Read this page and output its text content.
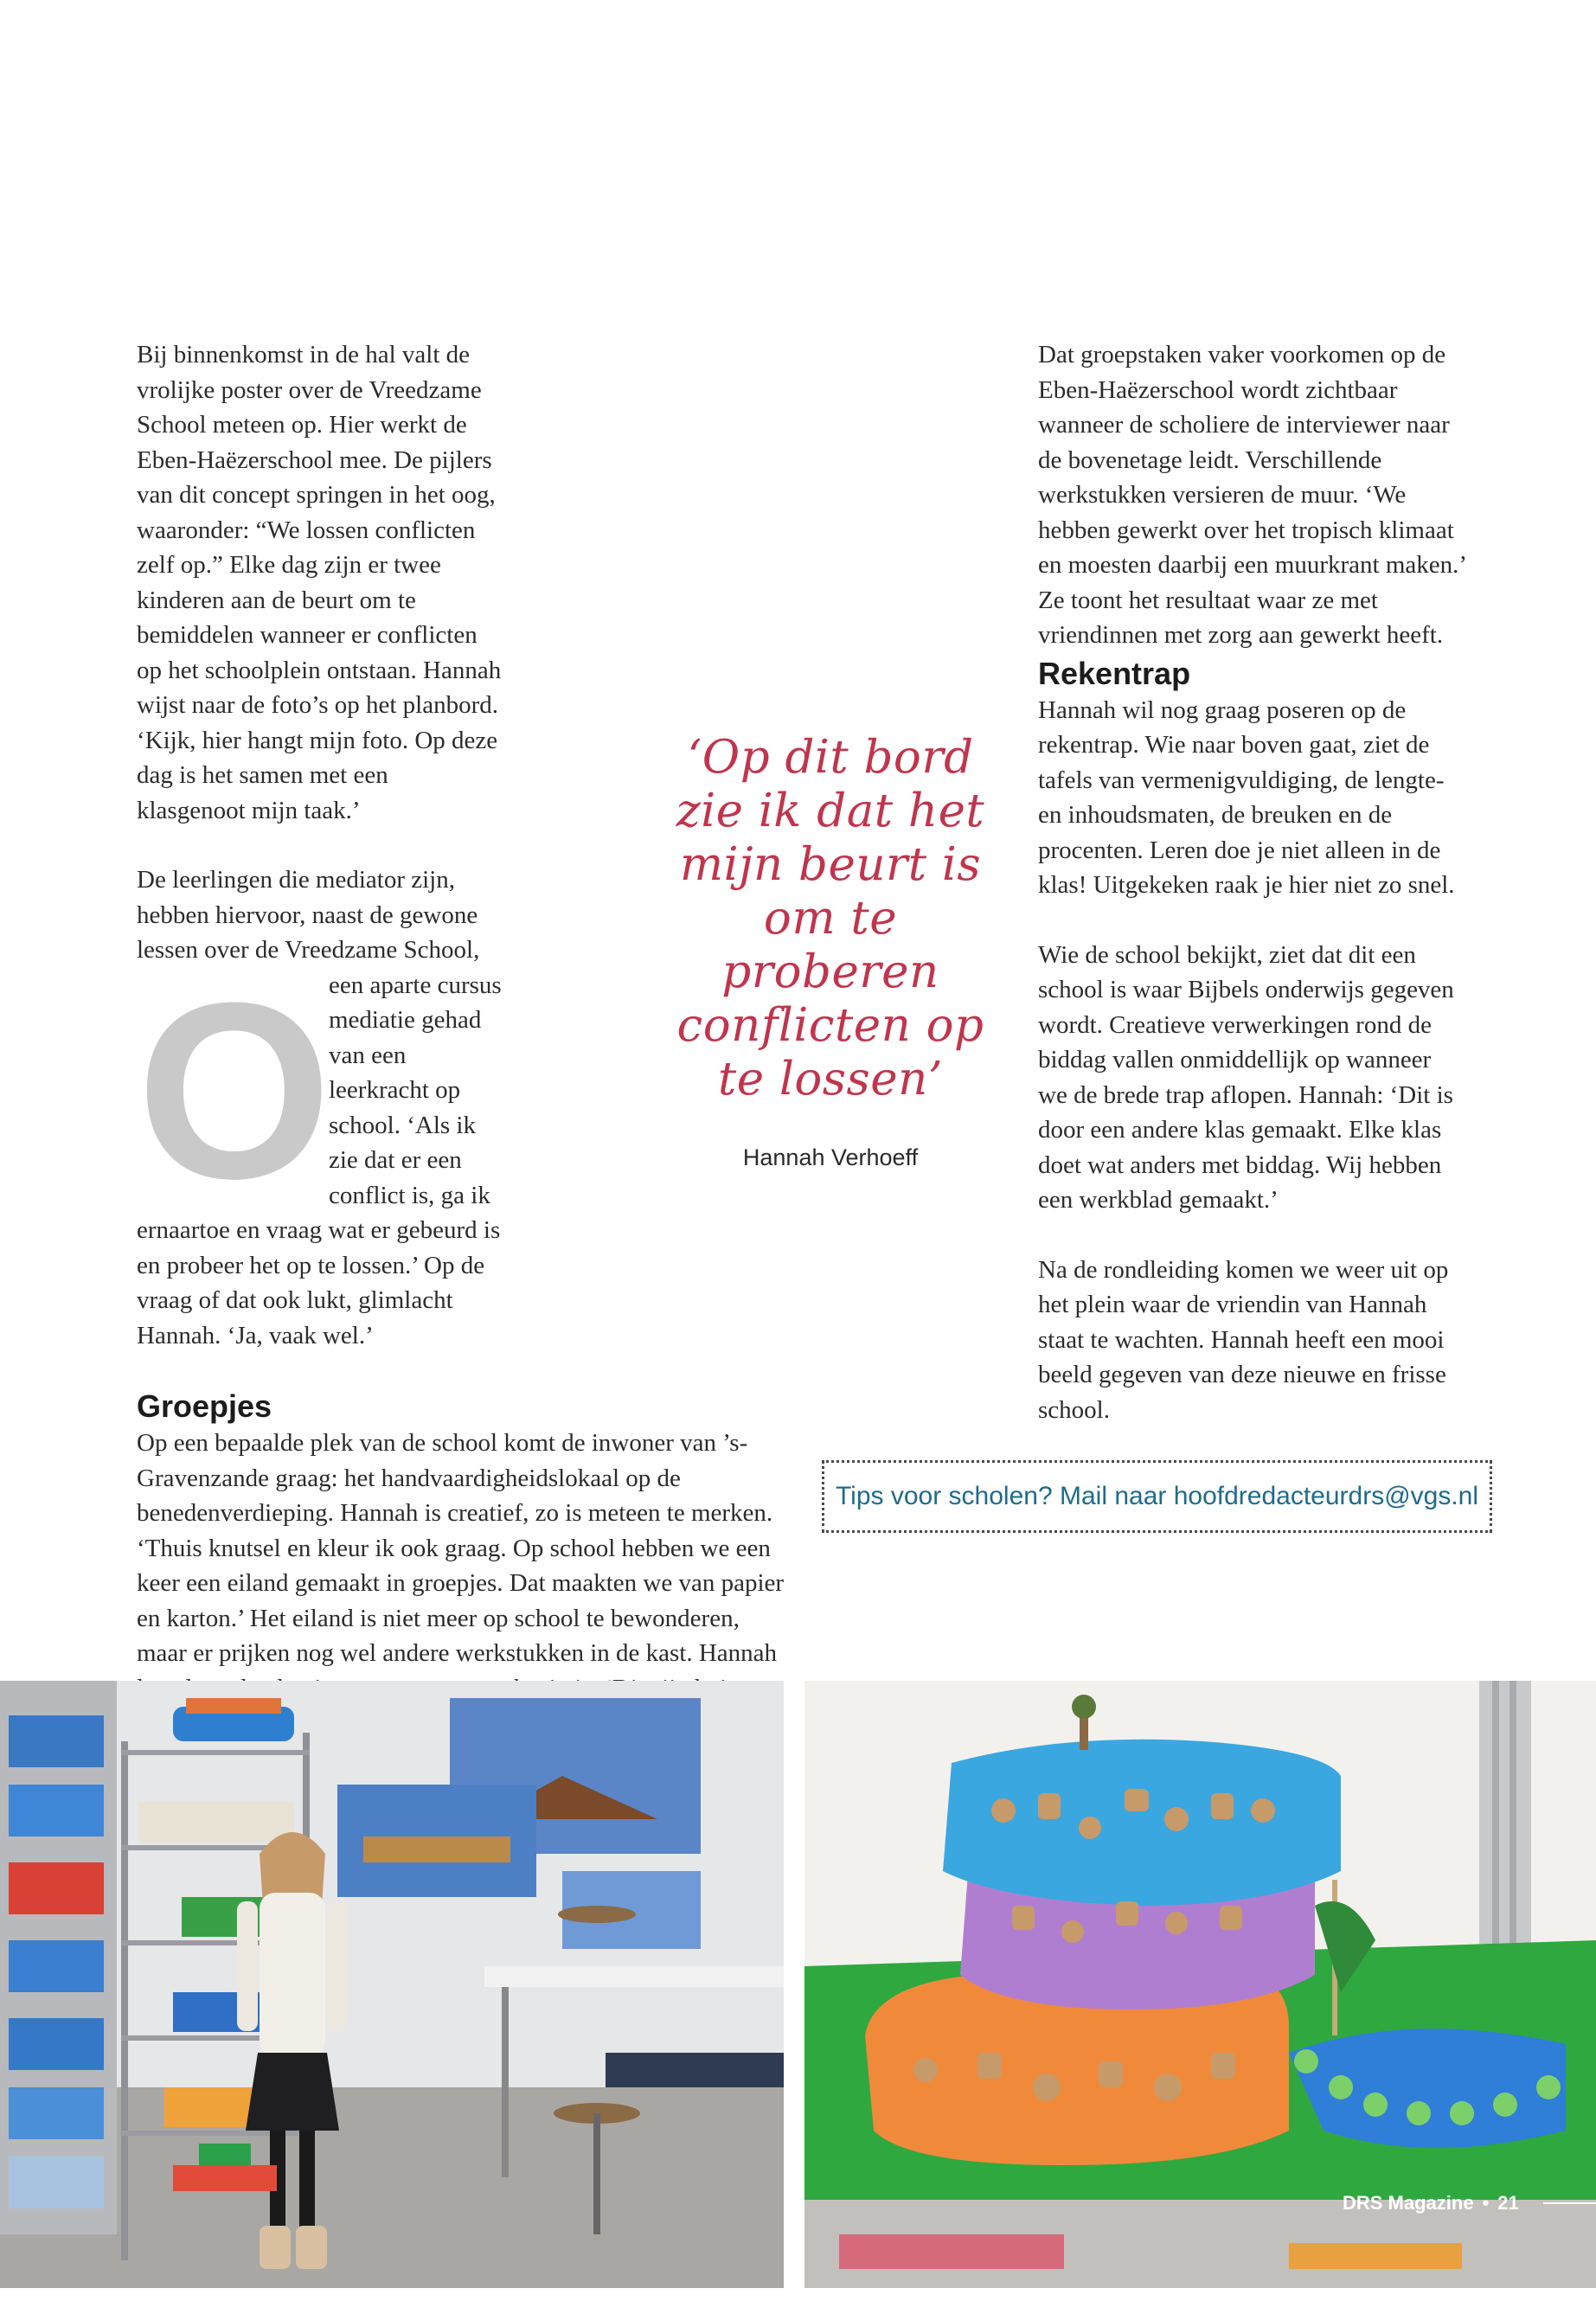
O

Bij binnenkomst in de hal valt de vrolijke poster over de Vreedzame School meteen op. Hier werkt de Eben-Haëzerschool mee. De pijlers van dit concept springen in het oog, waaronder: “We lossen conflicten zelf op.” Elke dag zijn er twee kinderen aan de beurt om te bemiddelen wanneer er conflicten op het schoolplein ontstaan. Hannah wijst naar de foto’s op het planbord. ‘Kijk, hier hangt mijn foto. Op deze dag is het samen met een klasgenoot mijn taak.’

De leerlingen die mediator zijn, hebben hiervoor, naast de gewone lessen over de Vreedzame School, een aparte cursus mediatie gehad van een leerkracht op school. ‘Als ik zie dat er een conflict is, ga ik ernaartoe en vraag wat er gebeurd is en probeer het op te lossen.’ Op de vraag of dat ook lukt, glimlacht Hannah. ‘Ja, vaak wel.’

Groepjes

Op een bepaalde plek van de school komt de inwoner van ’s-Gravenzande graag: het handvaardigheidslokaal op de benedenverdieping. Hannah is creatief, zo is meteen te merken. ‘Thuis knutsel en kleur ik ook graag. Op school hebben we een keer een eiland gemaakt in groepjes. Dat maakten we van papier en karton.’ Het eiland is niet meer op school te bewonderen, maar er prijken nog wel andere werkstukken in de kast. Hannah

‘Op dit bord zie ik dat het mijn beurt is om te proberen conflicten op te lossen’
Hannah Verhoeff

Dat groepstaken vaker voorkomen op de Eben-Haëzerschool wordt zichtbaar wanneer de scholiere de interviewer naar de bovenetage leidt. Verschillende werkstukken versieren de muur. ‘We hebben gewerkt over het tropisch klimaat en moesten daarbij een muurkrant maken.’ Ze toont het resultaat waar ze met vriendinnen met zorg aan gewerkt heeft.

Rekentrap

Hannah wil nog graag poseren op de rekentrap. Wie naar boven gaat, ziet de tafels van vermenigvuldiging, de lengte- en inhoudsmaten, de breuken en de procenten. Leren doe je niet alleen in de klas! Uitgekeken raak je hier niet zo snel.

Wie de school bekijkt, ziet dat dit een school is waar Bijbels onderwijs gegeven wordt. Creatieve verwerkingen rond de biddag vallen onmiddellijk op wanneer we de brede trap aflopen. Hannah: ‘Dit is door een andere klas gemaakt. Elke klas doet wat anders met biddag. Wij hebben een werkblad gemaakt.’

Na de rondleiding komen we weer uit op het plein waar de vriendin van Hannah staat te wachten. Hannah heeft een mooi beeld gegeven van deze nieuwe en frisse school.

Tips voor scholen? Mail naar hoofdredacteurdrs@vgs.nl
DRS Magazine • 21
